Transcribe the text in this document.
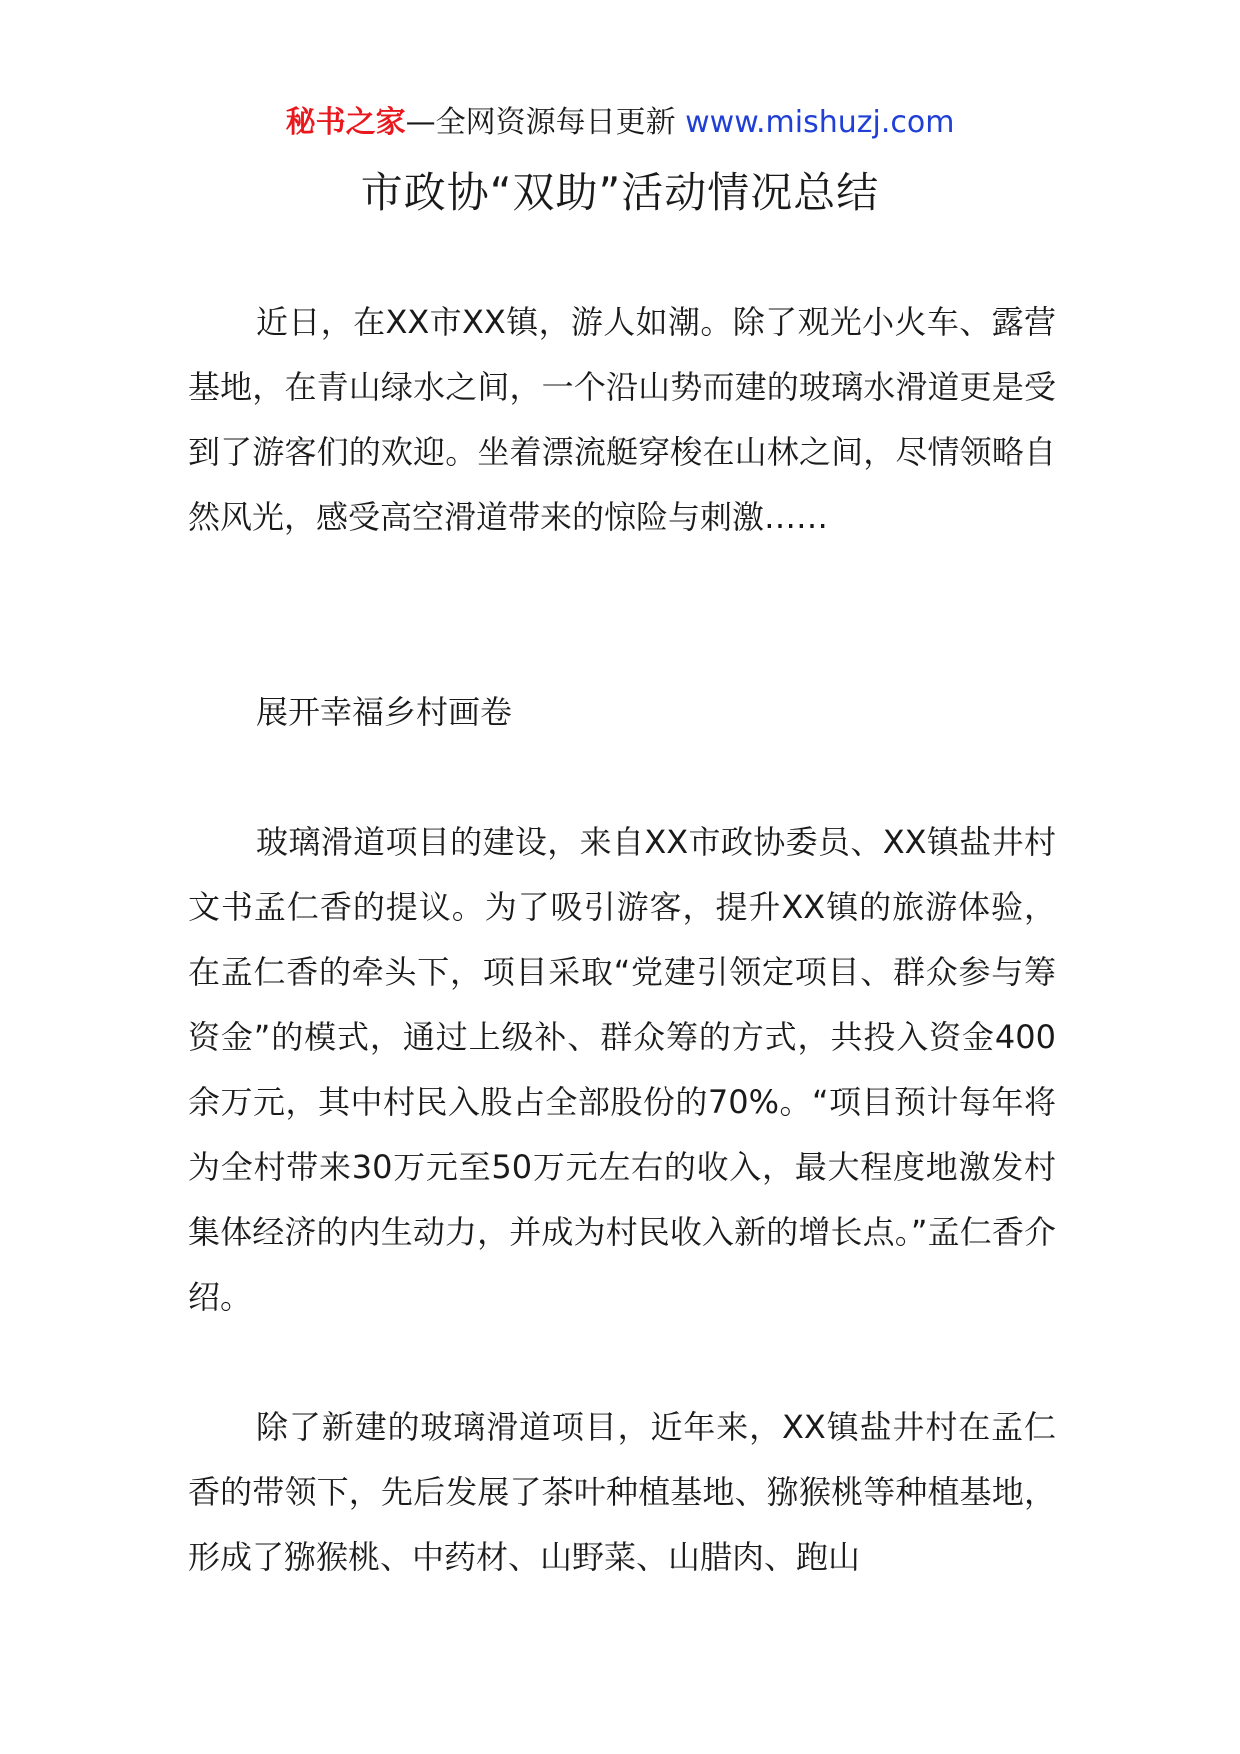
秘书之家—全网资源每日更新 www.mishuzj.com
市政协“双助”活动情况总结

近日，在XX市XX镇，游人如潮。除了观光小火车、露营基地，在青山绿水之间，一个沿山势而建的玻璃水滑道更是受到了游客们的欢迎。坐着漂流艇穿梭在山林之间，尽情领略自然风光，感受高空滑道带来的惊险与刺激……

展开幸福乡村画卷

玻璃滑道项目的建设，来自XX市政协委员、XX镇盐井村文书孟仁香的提议。为了吸引游客，提升XX镇的旅游体验，在孟仁香的牵头下，项目采取“党建引领定项目、群众参与筹资金”的模式，通过上级补、群众筹的方式，共投入资金400余万元，其中村民入股占全部股份的70%。“项目预计每年将为全村带来30万元至50万元左右的收入，最大程度地激发村集体经济的内生动力，并成为村民收入新的增长点。”孟仁香介绍。

除了新建的玻璃滑道项目，近年来，XX镇盐井村在孟仁香的带领下，先后发展了茶叶种植基地、猕猴桃等种植基地，形成了猕猴桃、中药材、山野菜、山腊肉、跑山
